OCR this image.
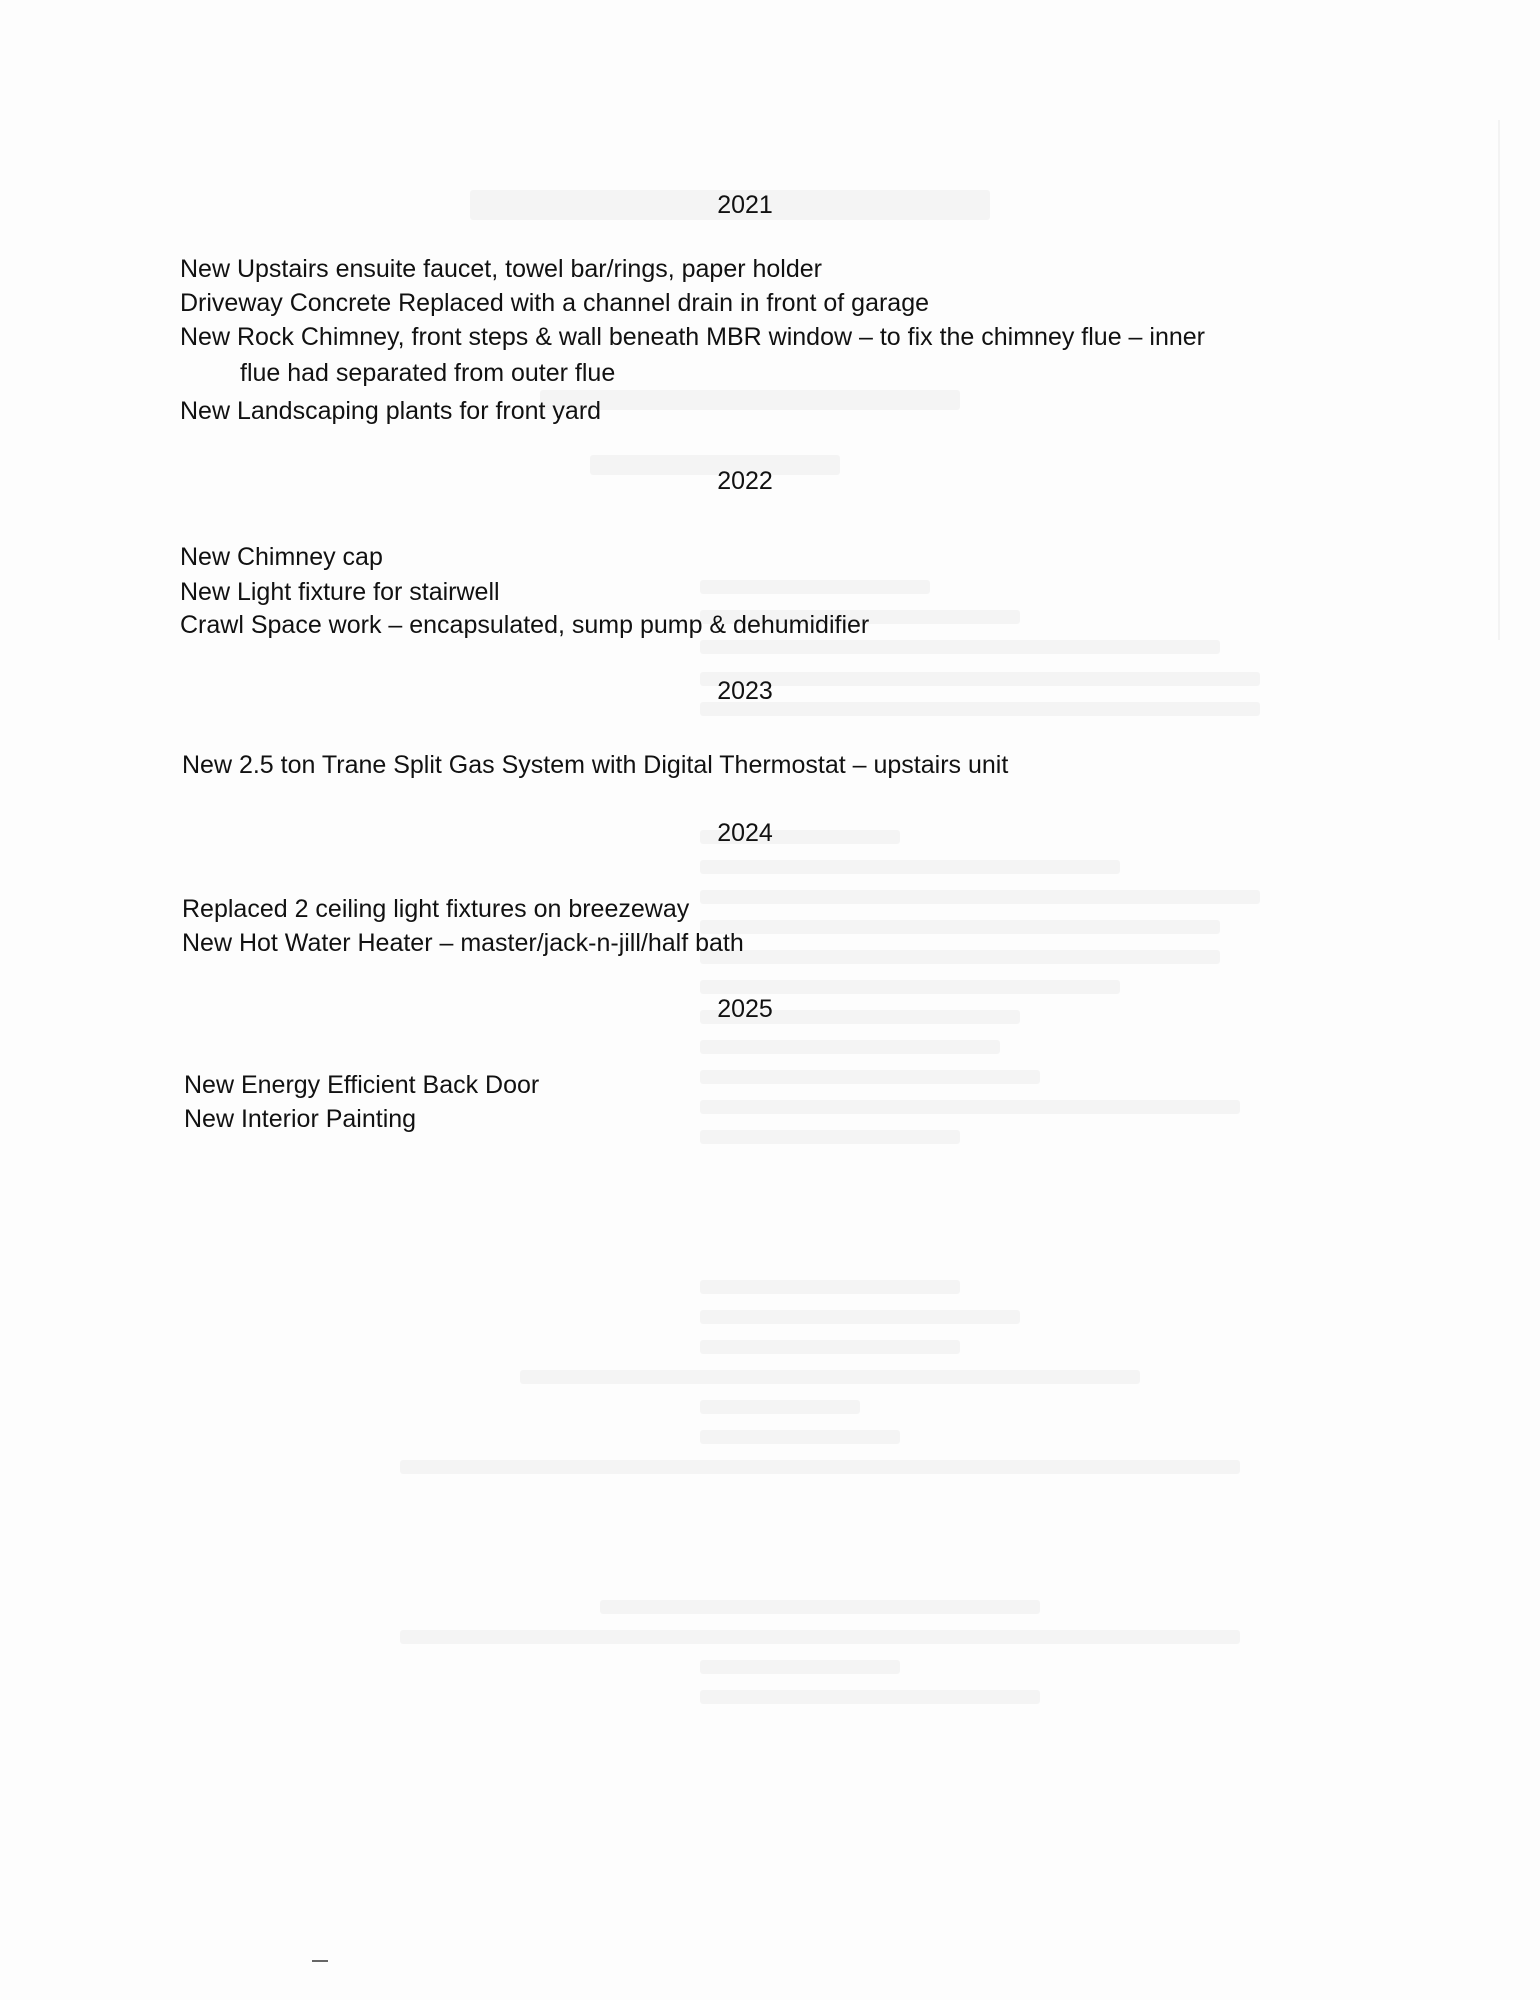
2021
New Upstairs ensuite faucet, towel bar/rings, paper holder
Driveway Concrete Replaced with a channel drain in front of garage
New Rock Chimney, front steps & wall beneath MBR window – to fix the chimney flue – inner
flue had separated from outer flue
New Landscaping plants for front yard
2022
New Chimney cap
New Light fixture for stairwell
Crawl Space work – encapsulated, sump pump & dehumidifier
2023
New 2.5 ton Trane Split Gas System with Digital Thermostat – upstairs unit
2024
Replaced 2 ceiling light fixtures on breezeway
New Hot Water Heater – master/jack-n-jill/half bath
2025
New Energy Efficient Back Door
New Interior Painting
